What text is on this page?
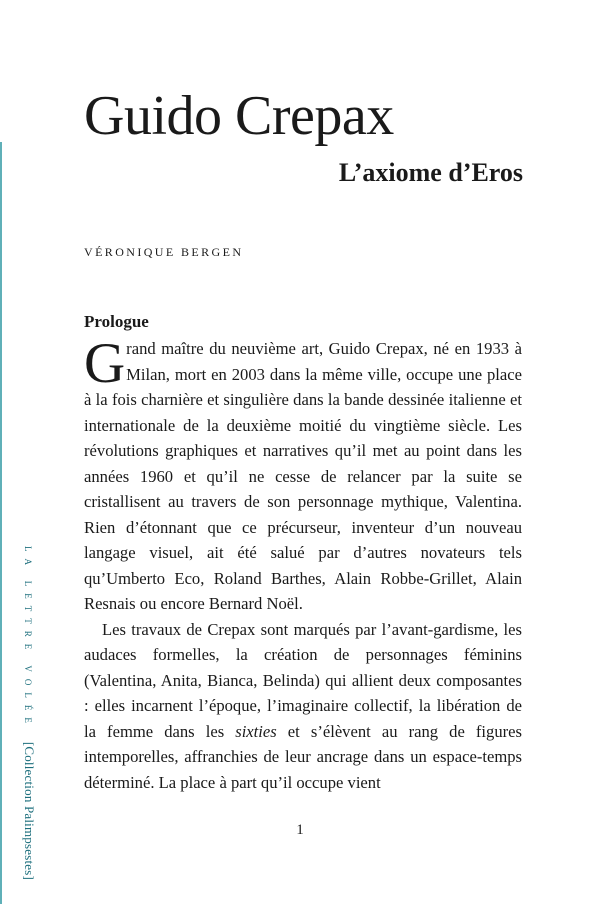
LA LETTRE VOLÉE[Collection Palimpsestes]
Guido Crepax
L’axiome d’Eros

VÉRONIQUE BERGEN

Prologue

Grand maître du neuvième art, Guido Crepax, né en 1933 à Milan, mort en 2003 dans la même ville, occupe une place à la fois charnière et singulière dans la bande dessinée italienne et internationale de la deuxième moitié du vingtième siècle. Les révolutions graphiques et narratives qu’il met au point dans les années 1960 et qu’il ne cesse de relancer par la suite se cristallisent au travers de son personnage mythique, Valentina. Rien d’étonnant que ce précurseur, inventeur d’un nouveau langage visuel, ait été salué par d’autres novateurs tels qu’Umberto Eco, Roland Barthes, Alain Robbe-Grillet, Alain Resnais ou encore Bernard Noël.

Les travaux de Crepax sont marqués par l’avant-gardisme, les audaces formelles, la création de personnages féminins (Valentina, Anita, Bianca, Belinda) qui allient deux composantes : elles incarnent l’époque, l’imaginaire collectif, la libération de la femme dans les sixties et s’élèvent au rang de figures intemporelles, affranchies de leur ancrage dans un espace-temps déterminé. La place à part qu’il occupe vient

1
